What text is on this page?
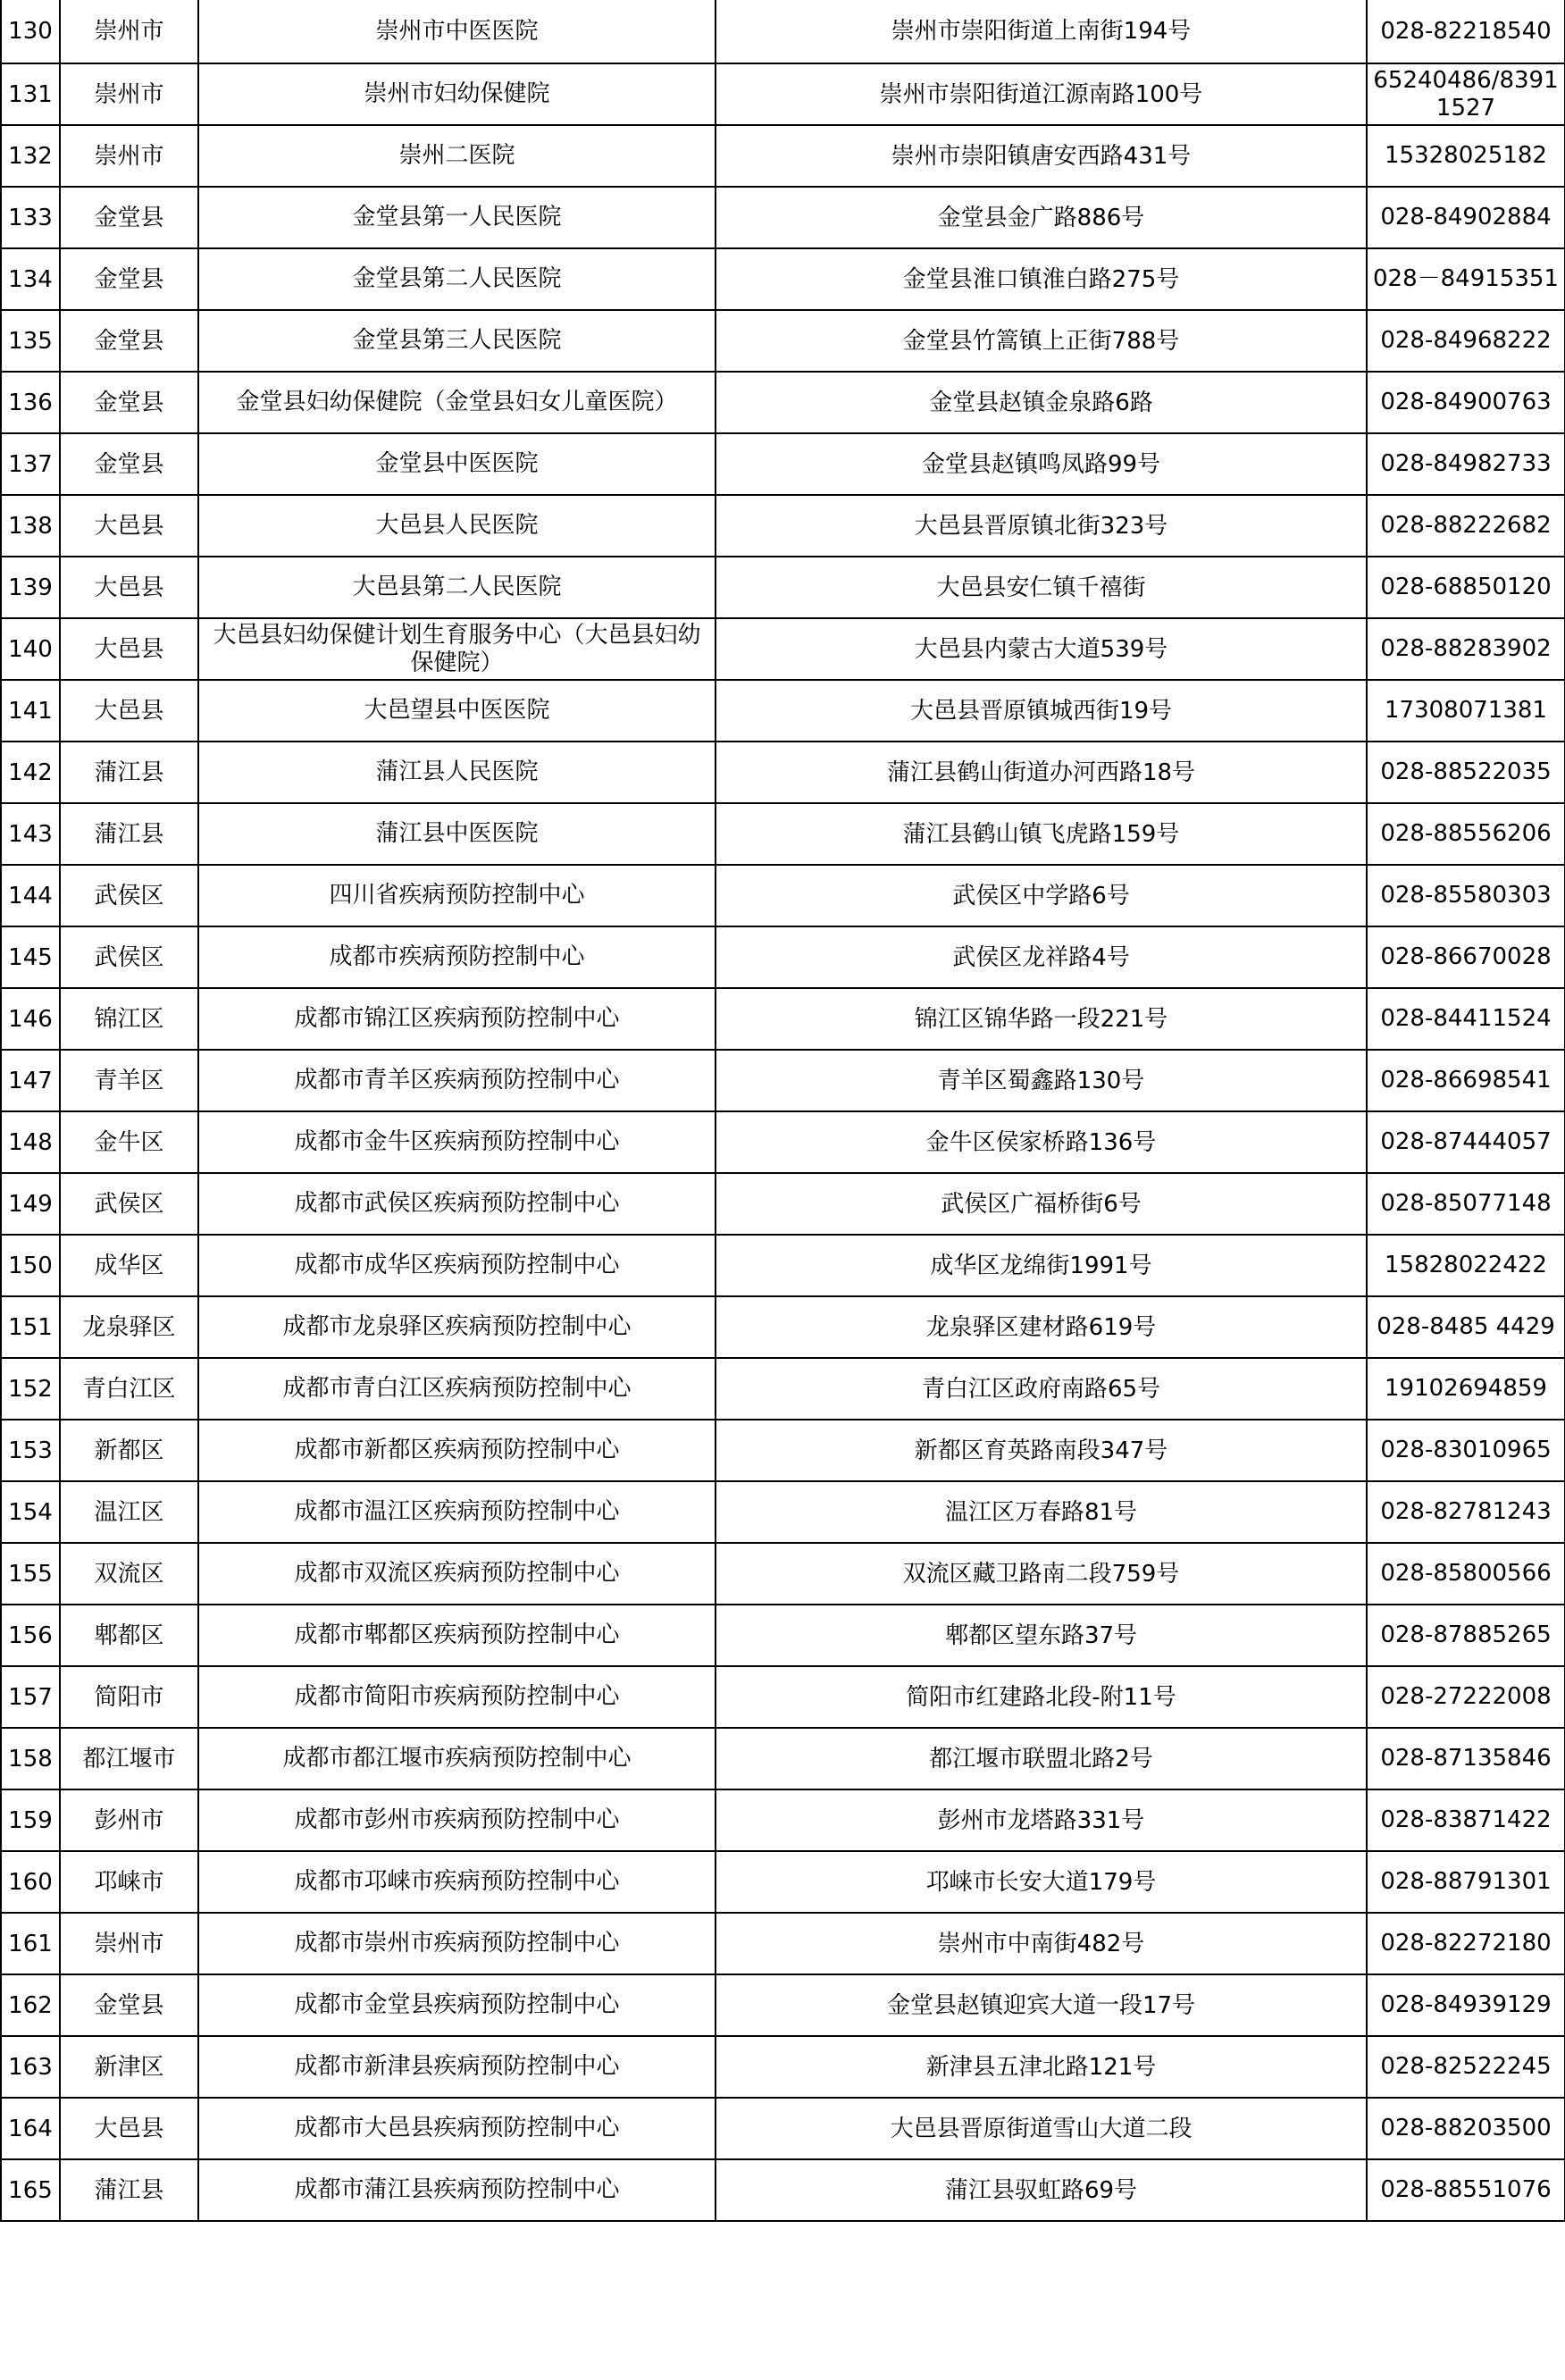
130	崇州市	崇州市中医医院	崇州市崇阳街道上南街194号	028-82218540
131	崇州市	崇州市妇幼保健院	崇州市崇阳街道江源南路100号	65240486/83911527
132	崇州市	崇州二医院	崇州市崇阳镇唐安西路431号	15328025182
133	金堂县	金堂县第一人民医院	金堂县金广路886号	028-84902884
134	金堂县	金堂县第二人民医院	金堂县淮口镇淮白路275号	028－84915351
135	金堂县	金堂县第三人民医院	金堂县竹篙镇上正街788号	028-84968222
136	金堂县	金堂县妇幼保健院（金堂县妇女儿童医院）	金堂县赵镇金泉路6路	028-84900763
137	金堂县	金堂县中医医院	金堂县赵镇鸣凤路99号	028-84982733
138	大邑县	大邑县人民医院	大邑县晋原镇北街323号	028-88222682
139	大邑县	大邑县第二人民医院	大邑县安仁镇千禧街	028-68850120
140	大邑县	大邑县妇幼保健计划生育服务中心（大邑县妇幼保健院）	大邑县内蒙古大道539号	028-88283902
141	大邑县	大邑望县中医医院	大邑县晋原镇城西街19号	17308071381
142	蒲江县	蒲江县人民医院	蒲江县鹤山街道办河西路18号	028-88522035
143	蒲江县	蒲江县中医医院	蒲江县鹤山镇飞虎路159号	028-88556206
144	武侯区	四川省疾病预防控制中心	武侯区中学路6号	028-85580303
145	武侯区	成都市疾病预防控制中心	武侯区龙祥路4号	028-86670028
146	锦江区	成都市锦江区疾病预防控制中心	锦江区锦华路一段221号	028-84411524
147	青羊区	成都市青羊区疾病预防控制中心	青羊区蜀鑫路130号	028-86698541
148	金牛区	成都市金牛区疾病预防控制中心	金牛区侯家桥路136号	028-87444057
149	武侯区	成都市武侯区疾病预防控制中心	武侯区广福桥街6号	028-85077148
150	成华区	成都市成华区疾病预防控制中心	成华区龙绵街1991号	15828022422
151	龙泉驿区	成都市龙泉驿区疾病预防控制中心	龙泉驿区建材路619号	028-8485 4429
152	青白江区	成都市青白江区疾病预防控制中心	青白江区政府南路65号	19102694859
153	新都区	成都市新都区疾病预防控制中心	新都区育英路南段347号	028-83010965
154	温江区	成都市温江区疾病预防控制中心	温江区万春路81号	028-82781243
155	双流区	成都市双流区疾病预防控制中心	双流区藏卫路南二段759号	028-85800566
156	郫都区	成都市郫都区疾病预防控制中心	郫都区望东路37号	028-87885265
157	简阳市	成都市简阳市疾病预防控制中心	简阳市红建路北段-附11号	028-27222008
158	都江堰市	成都市都江堰市疾病预防控制中心	都江堰市联盟北路2号	028-87135846
159	彭州市	成都市彭州市疾病预防控制中心	彭州市龙塔路331号	028-83871422
160	邛崃市	成都市邛崃市疾病预防控制中心	邛崃市长安大道179号	028-88791301
161	崇州市	成都市崇州市疾病预防控制中心	崇州市中南街482号	028-82272180
162	金堂县	成都市金堂县疾病预防控制中心	金堂县赵镇迎宾大道一段17号	028-84939129
163	新津区	成都市新津县疾病预防控制中心	新津县五津北路121号	028-82522245
164	大邑县	成都市大邑县疾病预防控制中心	大邑县晋原街道雪山大道二段	028-88203500
165	蒲江县	成都市蒲江县疾病预防控制中心	蒲江县驭虹路69号	028-88551076
